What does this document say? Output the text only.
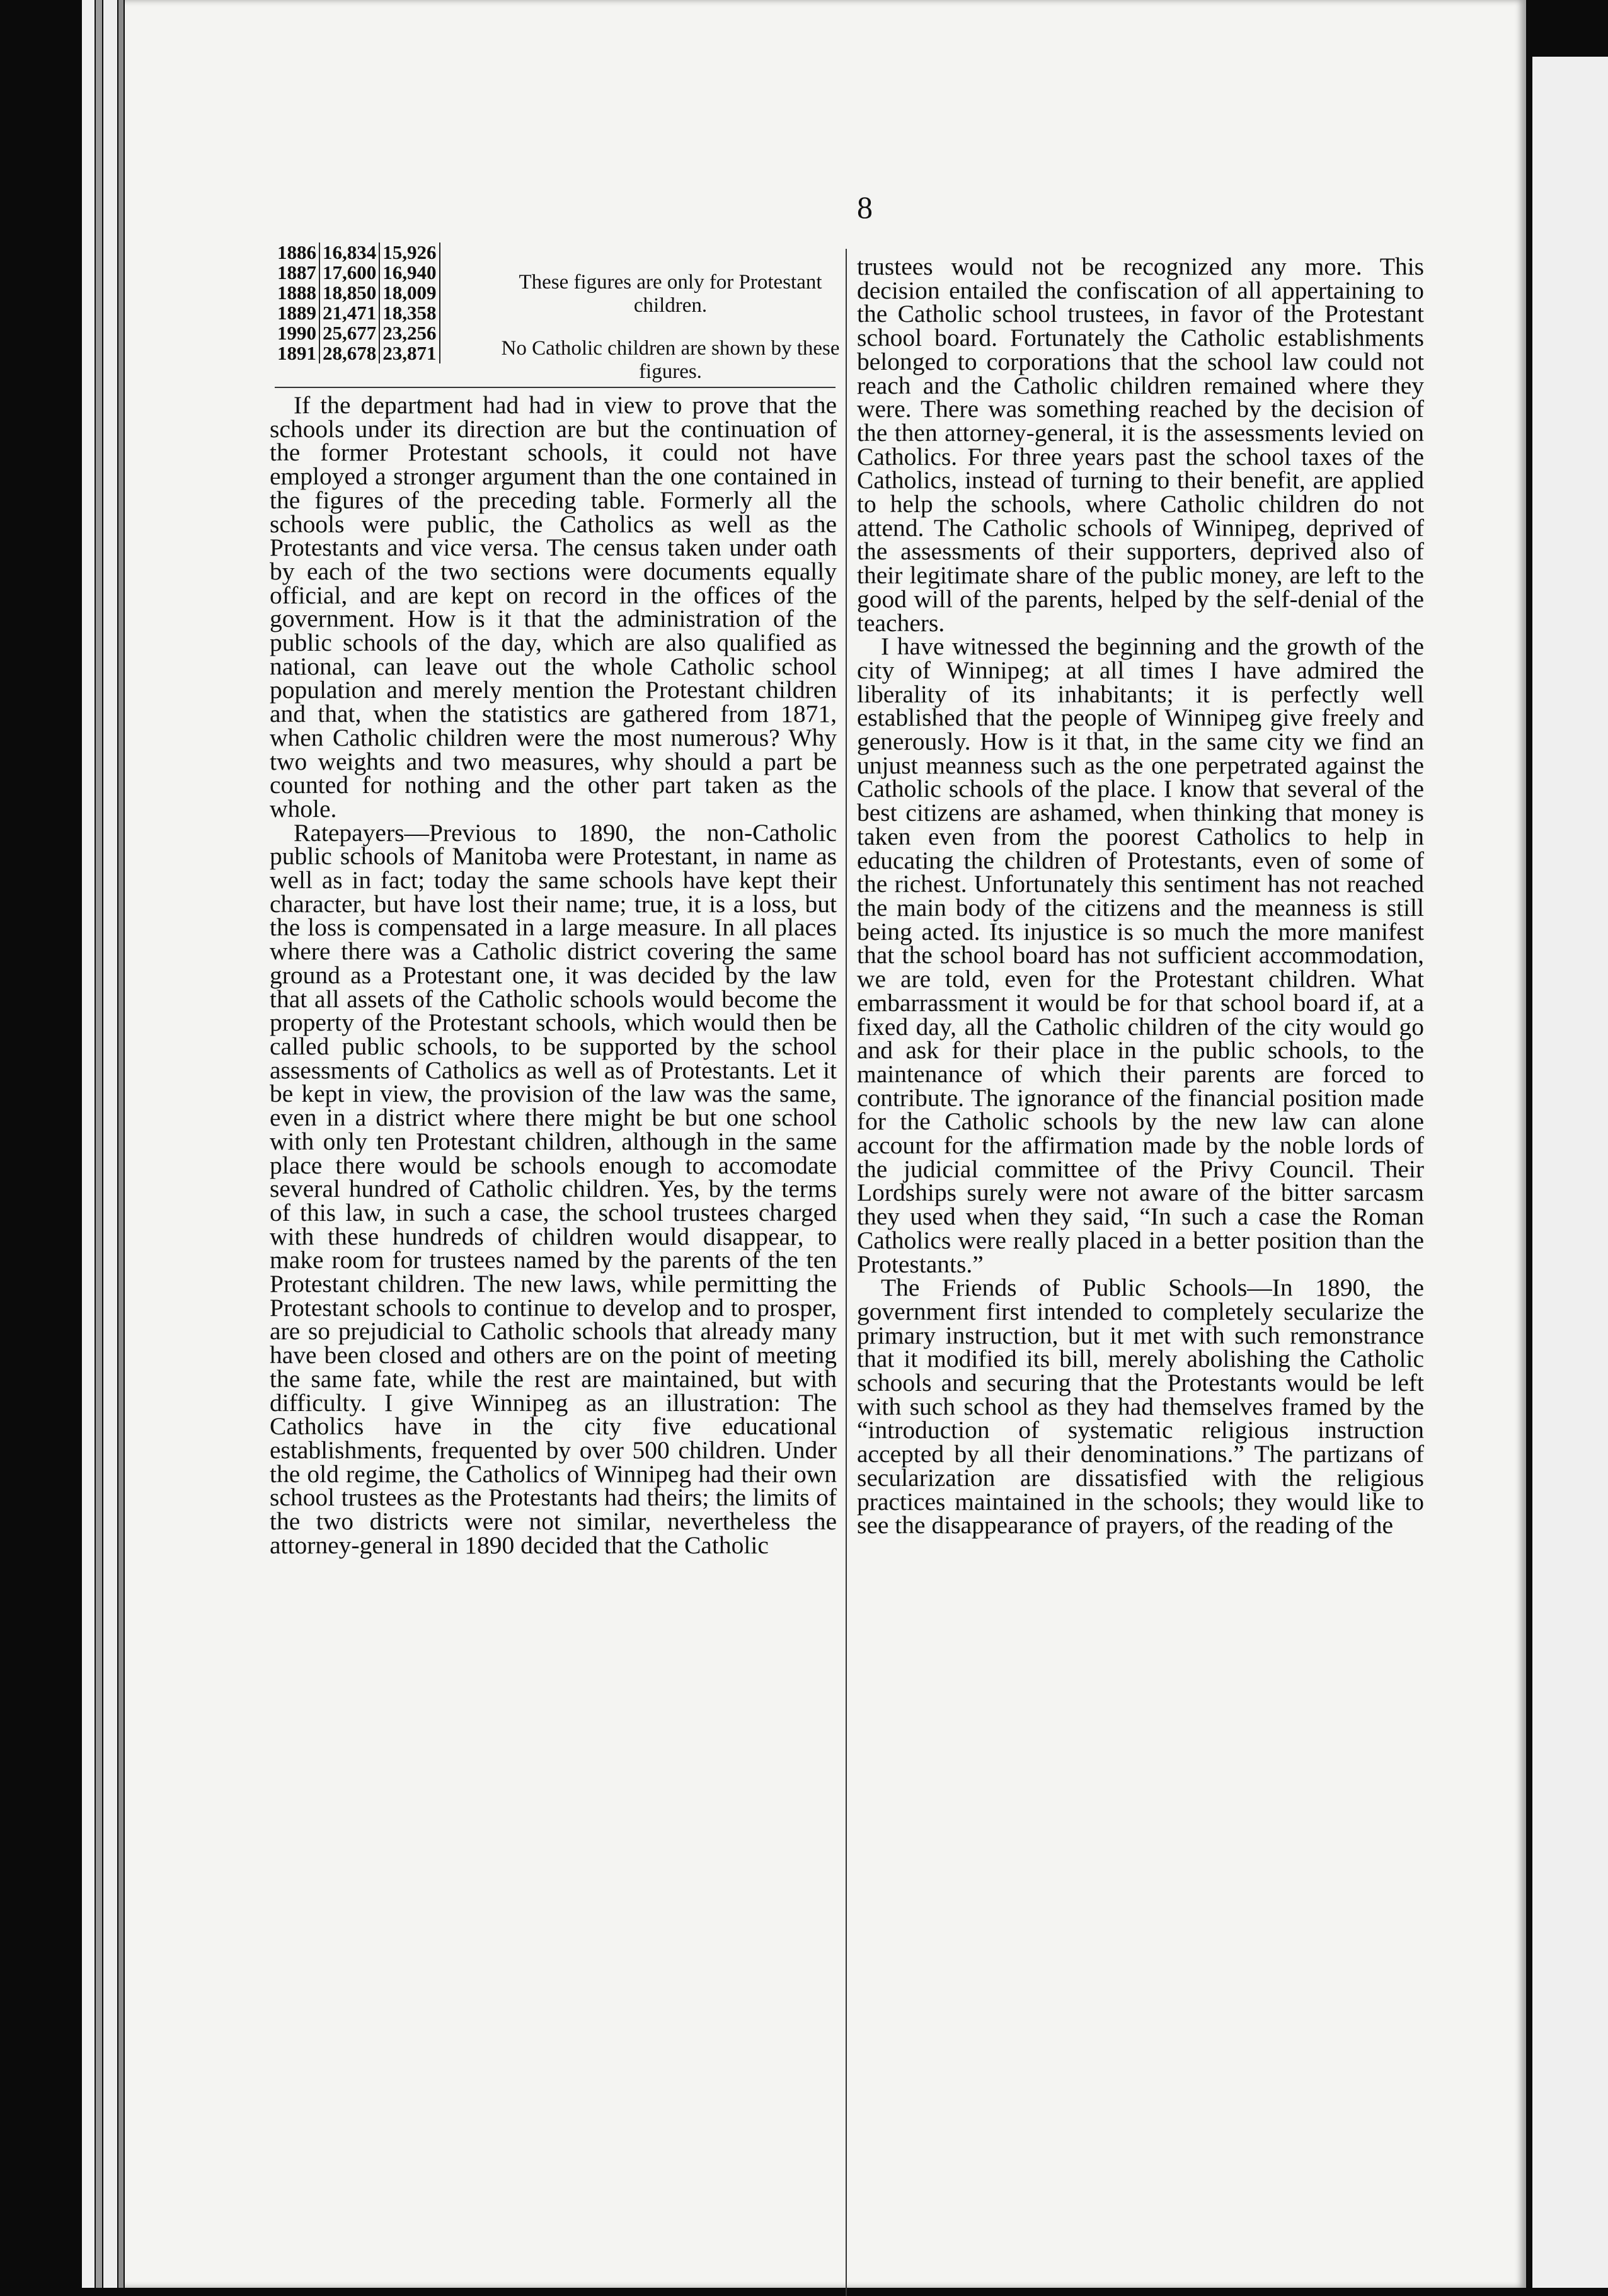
8
1886	16,834	15,926
1887	17,600	16,940
1888	18,850	18,009
1889	21,471	18,358
1990	25,677	23,256
1891	28,678	23,871
These figures are only for Protestant children.
No Catholic children are shown by these figures.

If the department had had in view to prove that the schools under its direction are but the continuation of the former Protestant schools, it could not have employed a stronger argument than the one contained in the figures of the preceding table. Formerly all the schools were public, the Catholics as well as the Protestants and vice versa. The census taken under oath by each of the two sections were documents equally official, and are kept on record in the offices of the government. How is it that the administration of the public schools of the day, which are also qualified as national, can leave out the whole Catholic school population and merely mention the Protestant children and that, when the statistics are gathered from 1871, when Catholic children were the most numerous? Why two weights and two measures, why should a part be counted for nothing and the other part taken as the whole.

Ratepayers—Previous to 1890, the non-Catholic public schools of Manitoba were Protestant, in name as well as in fact; today the same schools have kept their character, but have lost their name; true, it is a loss, but the loss is compensated in a large measure. In all places where there was a Catholic district covering the same ground as a Protestant one, it was decided by the law that all assets of the Catholic schools would become the property of the Protestant schools, which would then be called public schools, to be supported by the school assessments of Catholics as well as of Protestants. Let it be kept in view, the provision of the law was the same, even in a district where there might be but one school with only ten Protestant children, although in the same place there would be schools enough to accomodate several hundred of Catholic children. Yes, by the terms of this law, in such a case, the school trustees charged with these hundreds of children would disappear, to make room for trustees named by the parents of the ten Protestant children. The new laws, while permitting the Protestant schools to continue to develop and to prosper, are so prejudicial to Catholic schools that already many have been closed and others are on the point of meeting the same fate, while the rest are maintained, but with difficulty. I give Winnipeg as an illustration: The Catholics have in the city five educational establishments, frequented by over 500 children. Under the old regime, the Catholics of Winnipeg had their own school trustees as the Protestants had theirs; the limits of the two districts were not similar, nevertheless the attorney-general in 1890 decided that the Catholic

trustees would not be recognized any more. This decision entailed the confiscation of all appertaining to the Catholic school trustees, in favor of the Protestant school board. Fortunately the Catholic establishments belonged to corporations that the school law could not reach and the Catholic children remained where they were. There was something reached by the decision of the then attorney-general, it is the assessments levied on Catholics. For three years past the school taxes of the Catholics, instead of turning to their benefit, are applied to help the schools, where Catholic children do not attend. The Catholic schools of Winnipeg, deprived of the assessments of their supporters, deprived also of their legitimate share of the public money, are left to the good will of the parents, helped by the self-denial of the teachers.

I have witnessed the beginning and the growth of the city of Winnipeg; at all times I have admired the liberality of its inhabitants; it is perfectly well established that the people of Winnipeg give freely and generously. How is it that, in the same city we find an unjust meanness such as the one perpetrated against the Catholic schools of the place. I know that several of the best citizens are ashamed, when thinking that money is taken even from the poorest Catholics to help in educating the children of Protestants, even of some of the richest. Unfortunately this sentiment has not reached the main body of the citizens and the meanness is still being acted. Its injustice is so much the more manifest that the school board has not sufficient accommodation, we are told, even for the Protestant children. What embarrassment it would be for that school board if, at a fixed day, all the Catholic children of the city would go and ask for their place in the public schools, to the maintenance of which their parents are forced to contribute. The ignorance of the financial position made for the Catholic schools by the new law can alone account for the affirmation made by the noble lords of the judicial committee of the Privy Council. Their Lordships surely were not aware of the bitter sarcasm they used when they said, “In such a case the Roman Catholics were really placed in a better position than the Protestants.”

The Friends of Public Schools—In 1890, the government first intended to completely secularize the primary instruction, but it met with such remonstrance that it modified its bill, merely abolishing the Catholic schools and securing that the Protestants would be left with such school as they had themselves framed by the “introduction of systematic religious instruction accepted by all their denominations.” The partizans of secularization are dissatisfied with the religious practices maintained in the schools; they would like to see the disappearance of prayers, of the reading of the
